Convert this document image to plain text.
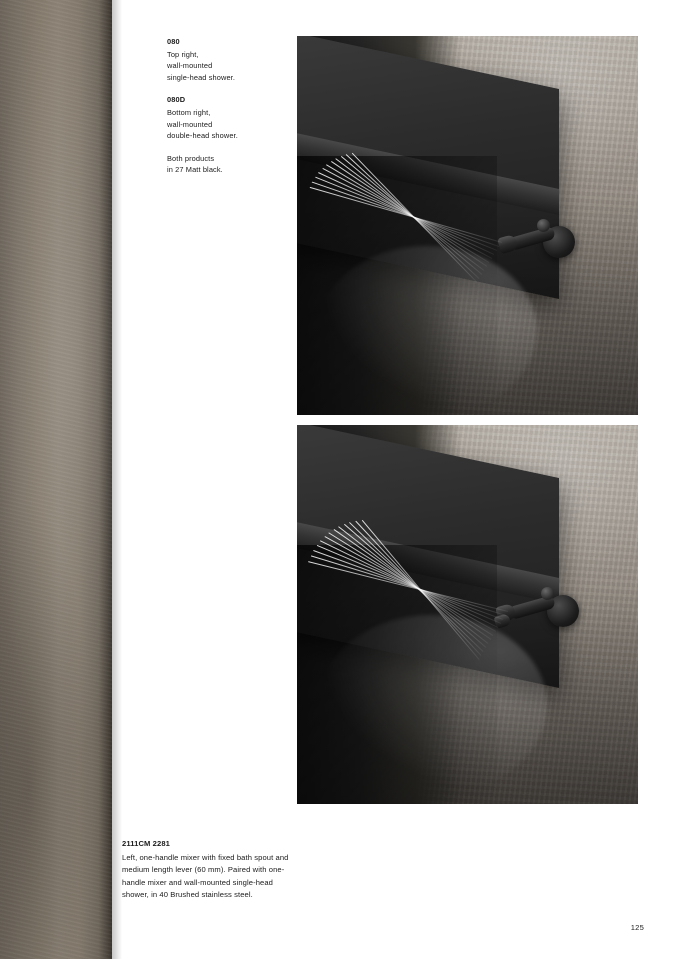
080
Top right,
wall-mounted
single-head shower.
080D
Bottom right,
wall-mounted
double-head shower.
Both products
in 27 Matt black.
2111CM 2281
Left, one-handle mixer with fixed bath spout and medium length lever (60 mm). Paired with one-handle mixer and wall-mounted single-head shower, in 40 Brushed stainless steel.
125
